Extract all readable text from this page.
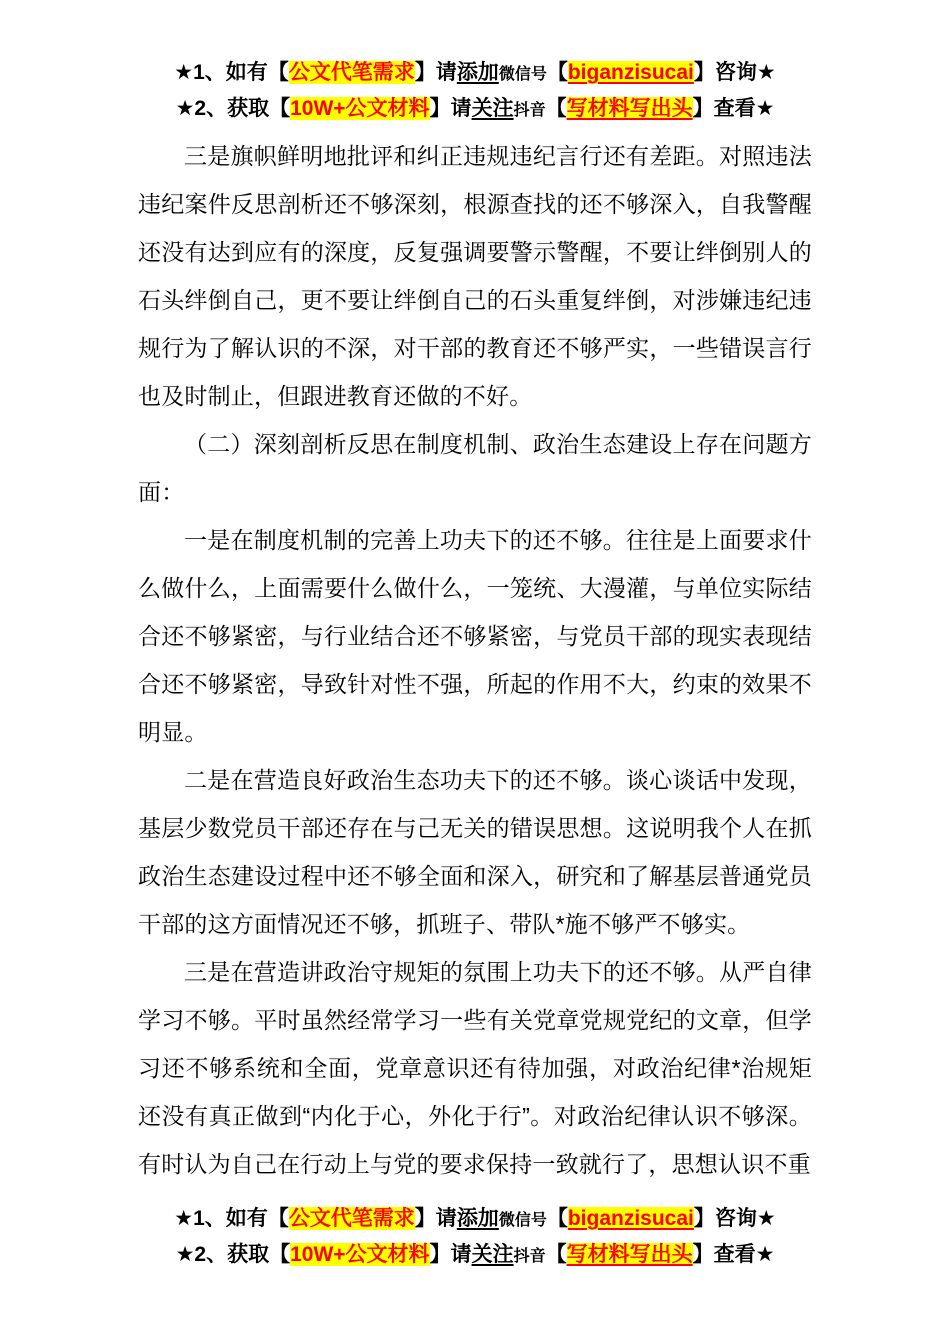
★1、如有【公文代笔需求】请添加微信号【biganzisucai】咨询★
★2、获取【10W+公文材料】请关注抖音【写材料写出头】查看★

三是旗帜鲜明地批评和纠正违规违纪言行还有差距。对照违法违纪案件反思剖析还不够深刻，根源查找的还不够深入，自我警醒还没有达到应有的深度，反复强调要警示警醒，不要让绊倒别人的石头绊倒自己，更不要让绊倒自己的石头重复绊倒，对涉嫌违纪违规行为了解认识的不深，对干部的教育还不够严实，一些错误言行也及时制止，但跟进教育还做的不好。

（二）深刻剖析反思在制度机制、政治生态建设上存在问题方面：

一是在制度机制的完善上功夫下的还不够。往往是上面要求什么做什么，上面需要什么做什么，一笼统、大漫灌，与单位实际结合还不够紧密，与行业结合还不够紧密，与党员干部的现实表现结合还不够紧密，导致针对性不强，所起的作用不大，约束的效果不明显。

二是在营造良好政治生态功夫下的还不够。谈心谈话中发现，基层少数党员干部还存在与己无关的错误思想。这说明我个人在抓政治生态建设过程中还不够全面和深入，研究和了解基层普通党员干部的这方面情况还不够，抓班子、带队*施不够严不够实。

三是在营造讲政治守规矩的氛围上功夫下的还不够。从严自律学习不够。平时虽然经常学习一些有关党章党规党纪的文章，但学习还不够系统和全面，党章意识还有待加强，对政治纪律*治规矩还没有真正做到“内化于心，外化于行”。对政治纪律认识不够深。有时认为自己在行动上与党的要求保持一致就行了，思想认识不重

★1、如有【公文代笔需求】请添加微信号【biganzisucai】咨询★
★2、获取【10W+公文材料】请关注抖音【写材料写出头】查看★
